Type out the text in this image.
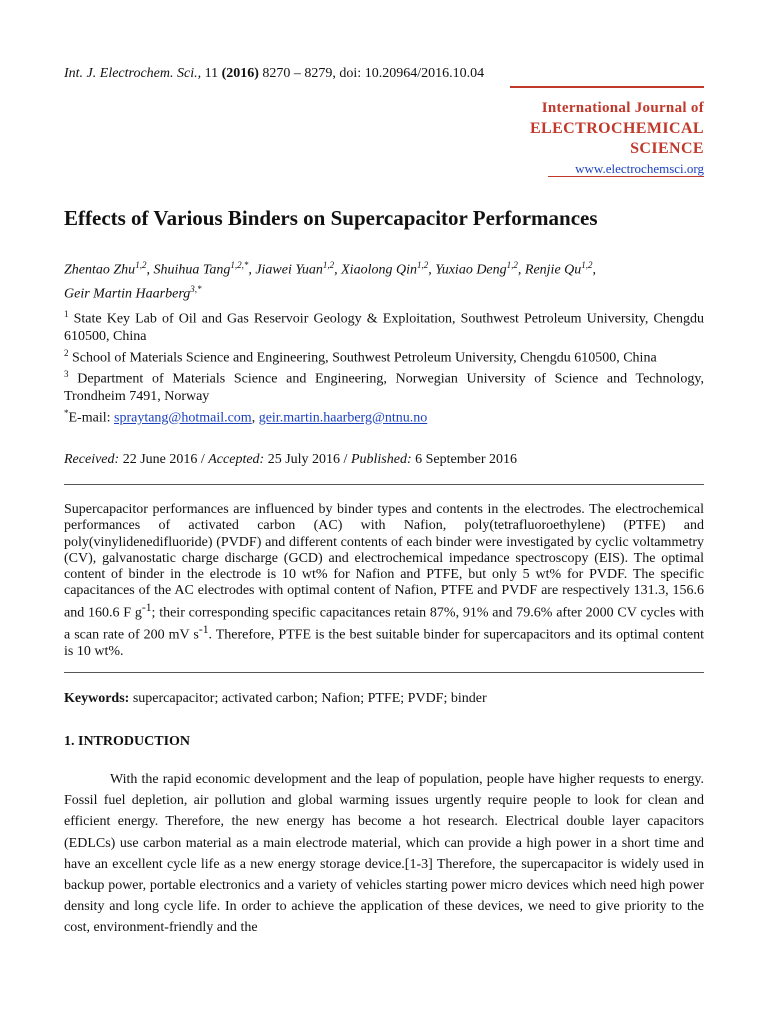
Int. J. Electrochem. Sci., 11 (2016) 8270 – 8279, doi: 10.20964/2016.10.04
International Journal of
ELECTROCHEMICAL
SCIENCE
www.electrochemsci.org
Effects of Various Binders on Supercapacitor Performances
Zhentao Zhu$^{1,2}$, Shuihua Tang$^{1,2,*}$, Jiawei Yuan$^{1,2}$, Xiaolong Qin$^{1,2}$, Yuxiao Deng$^{1,2}$, Renjie Qu$^{1,2}$,
Geir Martin Haarberg$^{3,*}$

$^1$ State Key Lab of Oil and Gas Reservoir Geology & Exploitation, Southwest Petroleum University, Chengdu 610500, China

$^2$ School of Materials Science and Engineering, Southwest Petroleum University, Chengdu 610500, China

$^3$ Department of Materials Science and Engineering, Norwegian University of Science and Technology, Trondheim 7491, Norway

*E-mail: spraytang@hotmail.com, geir.martin.haarberg@ntnu.no

Received: 22 June 2016 / Accepted: 25 July 2016 / Published: 6 September 2016
Supercapacitor performances are influenced by binder types and contents in the electrodes. The electrochemical performances of activated carbon (AC) with Nafion, poly(tetrafluoroethylene) (PTFE) and poly(vinylidenedifluoride) (PVDF) and different contents of each binder were investigated by cyclic voltammetry (CV), galvanostatic charge discharge (GCD) and electrochemical impedance spectroscopy (EIS). The optimal content of binder in the electrode is 10 wt% for Nafion and PTFE, but only 5 wt% for PVDF. The specific capacitances of the AC electrodes with optimal content of Nafion, PTFE and PVDF are respectively 131.3, 156.6 and 160.6 F $g^{-1}$; their corresponding specific capacitances retain 87%, 91% and 79.6% after 2000 CV cycles with a scan rate of 200 mV $s^{-1}$. Therefore, PTFE is the best suitable binder for supercapacitors and its optimal content is 10 wt%.
Keywords: supercapacitor; activated carbon; Nafion; PTFE; PVDF; binder
1. INTRODUCTION
With the rapid economic development and the leap of population, people have higher requests to energy. Fossil fuel depletion, air pollution and global warming issues urgently require people to look for clean and efficient energy. Therefore, the new energy has become a hot research. Electrical double layer capacitors (EDLCs) use carbon material as a main electrode material, which can provide a high power in a short time and have an excellent cycle life as a new energy storage device.[1-3] Therefore, the supercapacitor is widely used in backup power, portable electronics and a variety of vehicles starting power micro devices which need high power density and long cycle life. In order to achieve the application of these devices, we need to give priority to the cost, environment-friendly and the
